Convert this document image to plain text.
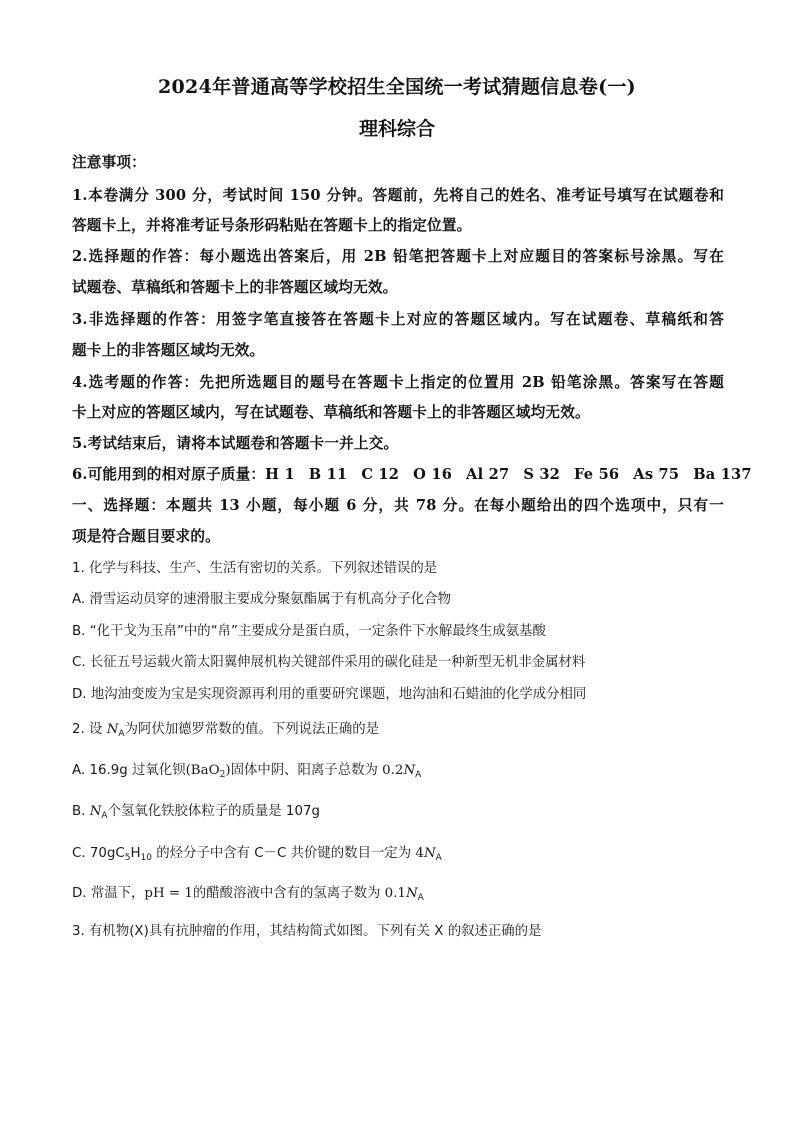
2024年普通高等学校招生全国统一考试猜题信息卷(一)
理科综合
注意事项：
1.本卷满分 300 分，考试时间 150 分钟。答题前，先将自己的姓名、准考证号填写在试题卷和
答题卡上，并将准考证号条形码粘贴在答题卡上的指定位置。
2.选择题的作答：每小题选出答案后，用 2B 铅笔把答题卡上对应题目的答案标号涂黑。写在
试题卷、草稿纸和答题卡上的非答题区域均无效。
3.非选择题的作答：用签字笔直接答在答题卡上对应的答题区域内。写在试题卷、草稿纸和答
题卡上的非答题区域均无效。
4.选考题的作答：先把所选题目的题号在答题卡上指定的位置用 2B 铅笔涂黑。答案写在答题
卡上对应的答题区域内，写在试题卷、草稿纸和答题卡上的非答题区域均无效。
5.考试结束后，请将本试题卷和答题卡一并上交。
6.可能用到的相对原子质量：H 1 B 11 C 12 O 16 Al 27 S 32 Fe 56 As 75 Ba 137
一、选择题：本题共 13 小题，每小题 6 分，共 78 分。在每小题给出的四个选项中，只有一
项是符合题目要求的。
1. 化学与科技、生产、生活有密切的关系。下列叙述错误的是
A. 滑雪运动员穿的速滑服主要成分聚氨酯属于有机高分子化合物
B. “化干戈为玉帛”中的“帛”主要成分是蛋白质，一定条件下水解最终生成氨基酸
C. 长征五号运载火箭太阳翼伸展机构关键部件采用的碳化硅是一种新型无机非金属材料
D. 地沟油变废为宝是实现资源再利用的重要研究课题，地沟油和石蜡油的化学成分相同
2. 设 $N_A$为阿伏加德罗常数的值。下列说法正确的是
A. 16.9g 过氧化钡(BaO$_2$)固体中阴、阳离子总数为 $0.2N_A$
B. $N_A$个氢氧化铁胶体粒子的质量是 107g
C. $70gC_5H_{10}$ 的烃分子中含有 C－C 共价键的数目一定为 $4N_A$
D. 常温下，pH = 1的醋酸溶液中含有的氢离子数为 $0.1N_A$
3. 有机物(X)具有抗肿瘤的作用，其结构简式如图。下列有关 X 的叙述正确的是
